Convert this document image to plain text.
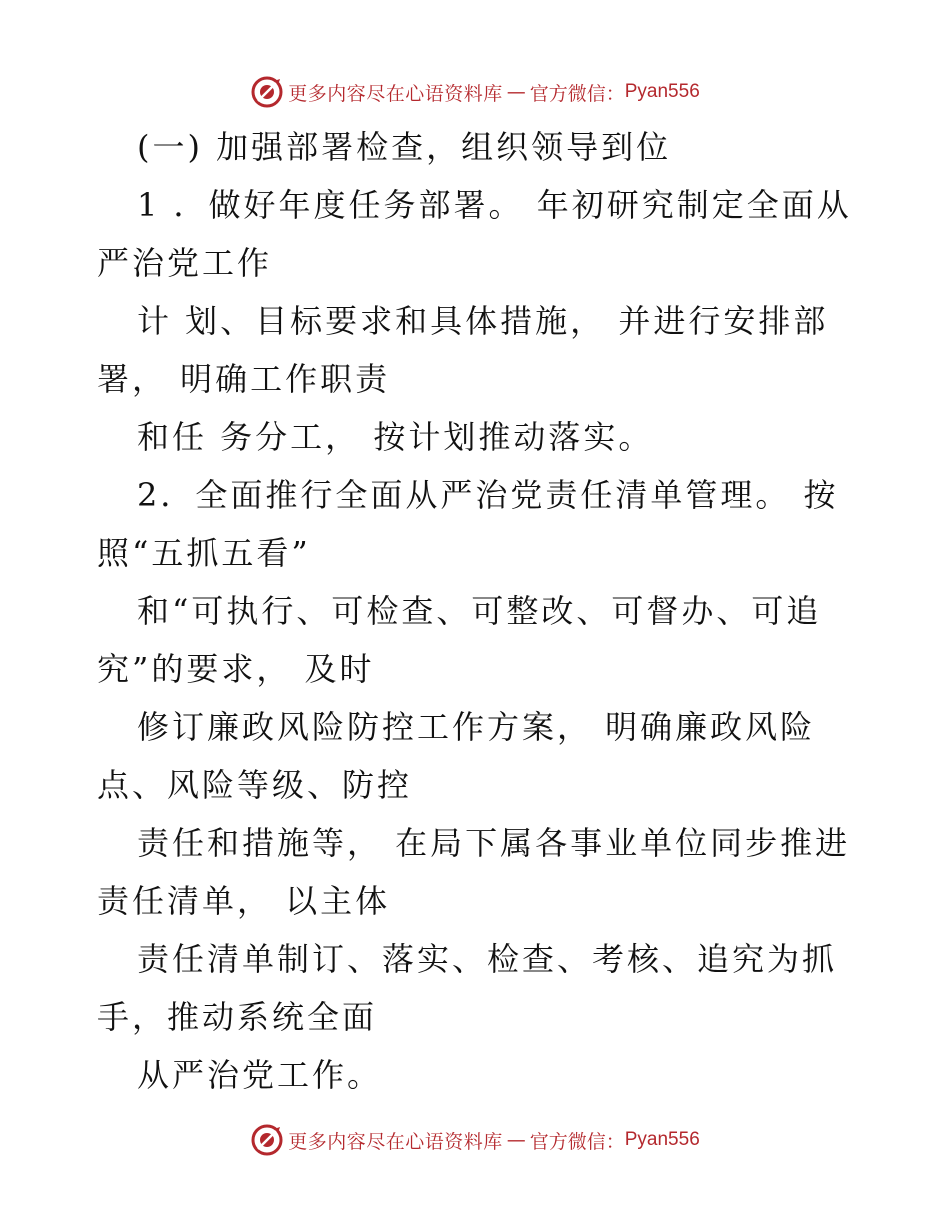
更多内容尽在心语资料库 — 官方微信： Pyan556
(一) 加强部署检查，组织领导到位
1 ．做好年度任务部署。 年初研究制定全面从
严治党工作
计 划、目标要求和具体措施， 并进行安排部
署， 明确工作职责
和任 务分工， 按计划推动落实。
2．全面推行全面从严治党责任清单管理。 按
照“五抓五看”
和“可执行、可检查、可整改、可督办、可追
究”的要求， 及时
修订廉政风险防控工作方案， 明确廉政风险
点、风险等级、防控
责任和措施等， 在局下属各事业单位同步推进
责任清单， 以主体
责任清单制订、落实、检查、考核、追究为抓
手，推动系统全面
从严治党工作。
更多内容尽在心语资料库 — 官方微信： Pyan556
